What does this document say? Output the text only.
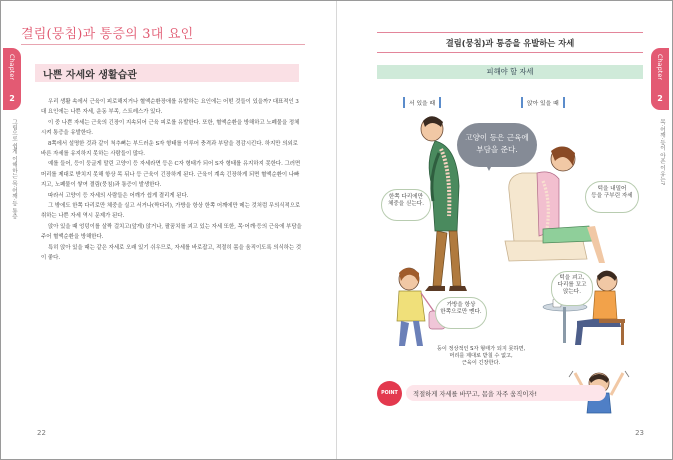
Chapter
2
그림으로 쉽게 이해하는 목·어깨·등 통증
결림(뭉침)과 통증의 3대 요인
나쁜 자세와 생활습관

우리 생활 속에서 근육이 피로해지거나 혈액순환장애를 유발하는 요인에는 어떤 것들이 있을까? 대표적인 3대 요인에는 나쁜 자세, 운동 부족, 스트레스가 있다.

이 중 나쁜 자세는 근육의 긴장이 지속되어 근육 피로를 유발한다. 또한, 혈액순환을 방해하고 노폐물을 정체시켜 통증을 유발한다.

8쪽에서 설명한 것과 같이 척추뼈는 부드러운 S자 형태를 이루어 충격과 부담을 경감시킨다. 하지만 의외로 바른 자세를 유지하지 못하는 사람들이 많다.

예를 들어, 등이 둥글게 말린 고양이 등 자세라면 등은 C자 형태가 되어 S자 형태를 유지하지 못한다. 그러면 머리를 제대로 받치지 못해 항상 목 뒤나 등 근육이 긴장하게 된다. 근육이 계속 긴장하게 되면 혈액순환이 나빠지고, 노폐물이 쌓여 결림(뭉침)과 통증이 발생한다.

따라서 고양이 등 자세의 사람들은 어깨가 쉽게 결리게 된다.

그 밖에도 한쪽 다리로만 체중을 실고 서거나(짝다리), 가방을 항상 한쪽 어깨에만 메는 것처럼 무의식적으로 취하는 나쁜 자세 역시 문제가 된다.

앉아 있을 때 엉덩이를 살짝 걸치고(앞게) 앉거나, 팔꿈치를 괴고 있는 자세 또한, 목·어깨·등의 근육에 부담을 주어 혈액순환을 방해한다.

특히 앉아 있을 때는 같은 자세로 오래 있기 쉬우므로, 자세를 바로잡고, 적절히 몸을 움직이도록 의식하는 것이 좋다.

22
결림(뭉침)과 통증을 유발하는 자세
피해야 할 자세
서 있을 때	앉아 있을 때
고양이 등은 근육에
부담을 준다.
한쪽 다리에만
체중을 싣는다.
가방을 항상
한쪽으로만 멘다.
턱을 내밀어
등을 구부린 자세
턱을 괴고,
다리를 꼬고
앉는다.
등이 정상적인 S자 형태가 되지 못하면,
머리를 제대로 받칠 수 없고,
근육이 긴장한다.
POINT	적절하게 자세를 바꾸고, 몸을 자주 움직이자!
Chapter
2
목·어깨·등이 아픈 이유는?
23
